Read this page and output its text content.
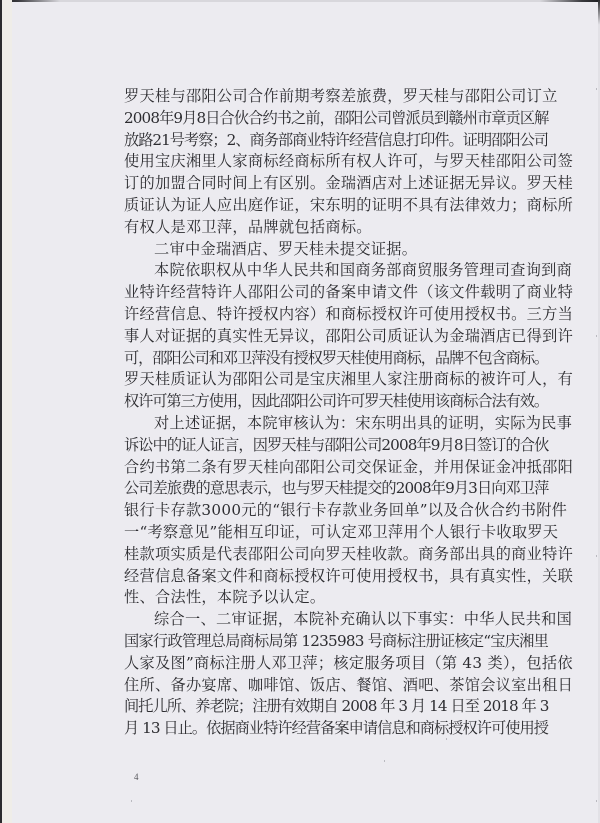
罗天桂与邵阳公司合作前期考察差旅费，罗天桂与邵阳公司订立
2008年9月8日合伙合约书之前，邵阳公司曾派员到赣州市章贡区解
放路21号考察；2、商务部商业特许经营信息打印件。证明邵阳公司
使用宝庆湘里人家商标经商标所有权人许可，与罗天桂邵阳公司签
订的加盟合同时间上有区别。金瑞酒店对上述证据无异议。罗天桂
质证认为证人应出庭作证，宋东明的证明不具有法律效力；商标所
有权人是邓卫萍，品牌就包括商标。
二审中金瑞酒店、罗天桂未提交证据。
本院依职权从中华人民共和国商务部商贸服务管理司查询到商
业特许经营特许人邵阳公司的备案申请文件（该文件载明了商业特
许经营信息、特许授权内容）和商标授权许可使用授权书。三方当
事人对证据的真实性无异议，邵阳公司质证认为金瑞酒店已得到许
可，邵阳公司和邓卫萍没有授权罗天桂使用商标，品牌不包含商标。
罗天桂质证认为邵阳公司是宝庆湘里人家注册商标的被许可人，有
权许可第三方使用，因此邵阳公司许可罗天桂使用该商标合法有效。
对上述证据，本院审核认为：宋东明出具的证明，实际为民事
诉讼中的证人证言，因罗天桂与邵阳公司2008年9月8日签订的合伙
合约书第二条有罗天桂向邵阳公司交保证金，并用保证金冲抵邵阳
公司差旅费的意思表示，也与罗天桂提交的2008年9月3日向邓卫萍
银行卡存款3000元的“银行卡存款业务回单”以及合伙合约书附件
一“考察意见”能相互印证，可认定邓卫萍用个人银行卡收取罗天
桂款项实质是代表邵阳公司向罗天桂收款。商务部出具的商业特许
经营信息备案文件和商标授权许可使用授权书，具有真实性，关联
性、合法性，本院予以认定。
综合一、二审证据，本院补充确认以下事实：中华人民共和国
国家行政管理总局商标局第 1235983 号商标注册证核定“宝庆湘里
人家及图”商标注册人邓卫萍；核定服务项目（第 43 类），包括依
住所、备办宴席、咖啡馆、饭店、餐馆、酒吧、茶馆会议室出租日
间托儿所、养老院；注册有效期自 2008 年 3 月 14 日至 2018 年 3
月 13 日止。依据商业特许经营备案申请信息和商标授权许可使用授
4
